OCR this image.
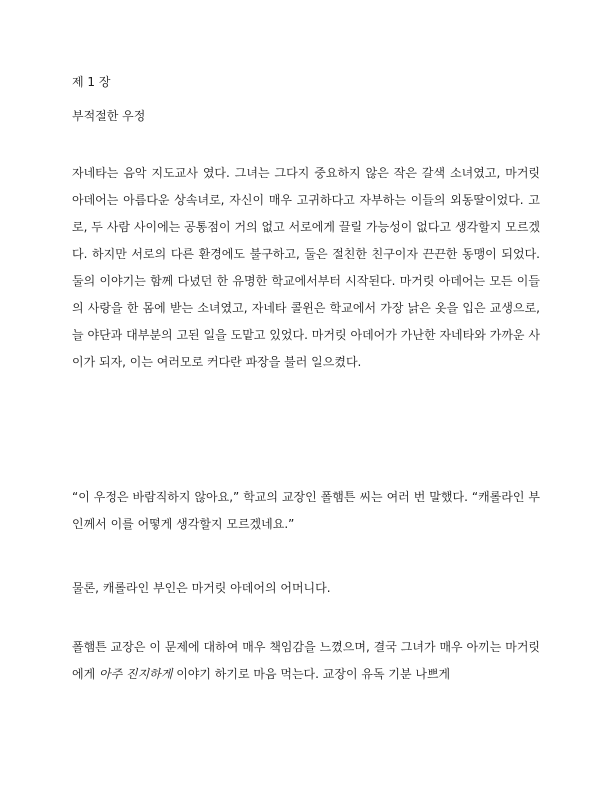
제 1 장
부적절한 우정

자네타는 음악 지도교사 였다. 그녀는 그다지 중요하지 않은 작은 갈색 소녀였고, 마거릿 아데어는 아름다운 상속녀로, 자신이 매우 고귀하다고 자부하는 이들의 외동딸이었다. 고로, 두 사람 사이에는 공통점이 거의 없고 서로에게 끌릴 가능성이 없다고 생각할지 모르겠다. 하지만 서로의 다른 환경에도 불구하고, 둘은 절친한 친구이자 끈끈한 동맹이 되었다. 둘의 이야기는 함께 다녔던 한 유명한 학교에서부터 시작된다. 마거릿 아데어는 모든 이들의 사랑을 한 몸에 받는 소녀였고, 자네타 콜윈은 학교에서 가장 낡은 옷을 입은 교생으로, 늘 야단과 대부분의 고된 일을 도맡고 있었다. 마거릿 아데어가 가난한 자네타와 가까운 사이가 되자, 이는 여러모로 커다란 파장을 불러 일으켰다.

“이 우정은 바람직하지 않아요,” 학교의 교장인 폴햄튼 씨는 여러 번 말했다. “캐롤라인 부인께서 이를 어떻게 생각할지 모르겠네요.”

물론, 캐롤라인 부인은 마거릿 아데어의 어머니다.

폴햄튼 교장은 이 문제에 대하여 매우 책임감을 느꼈으며, 결국 그녀가 매우 아끼는 마거릿에게 아주 진지하게 이야기 하기로 마음 먹는다. 교장이 유독 기분 나쁘게
